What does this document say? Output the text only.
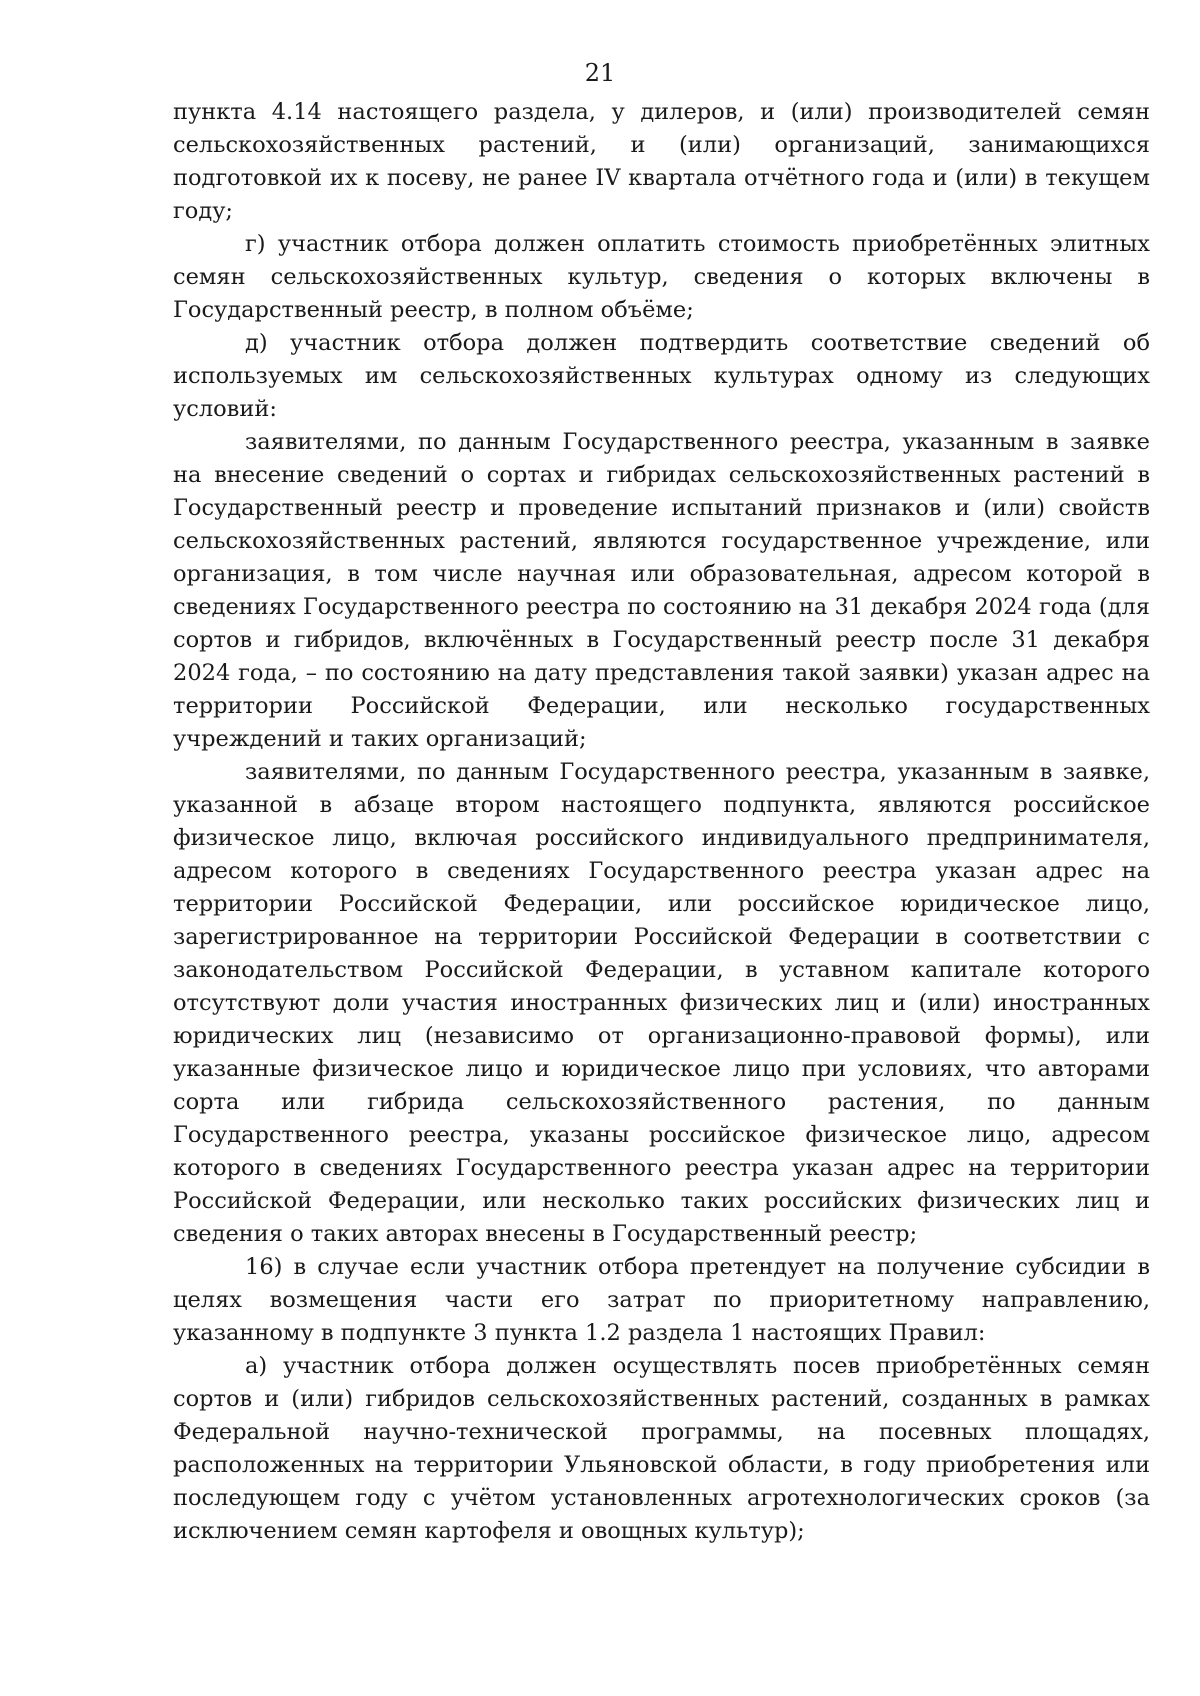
21

пункта 4.14 настоящего раздела, у дилеров, и (или) производителей семян сельскохозяйственных растений, и (или) организаций, занимающихся подготовкой их к посеву, не ранее IV квартала отчётного года и (или) в текущем году;

г) участник отбора должен оплатить стоимость приобретённых элитных семян сельскохозяйственных культур, сведения о которых включены в Государственный реестр, в полном объёме;

д) участник отбора должен подтвердить соответствие сведений об используемых им сельскохозяйственных культурах одному из следующих условий:

заявителями, по данным Государственного реестра, указанным в заявке на внесение сведений о сортах и гибридах сельскохозяйственных растений в Государственный реестр и проведение испытаний признаков и (или) свойств сельскохозяйственных растений, являются государственное учреждение, или организация, в том числе научная или образовательная, адресом которой в сведениях Государственного реестра по состоянию на 31 декабря 2024 года (для сортов и гибридов, включённых в Государственный реестр после 31 декабря 2024 года, – по состоянию на дату представления такой заявки) указан адрес на территории Российской Федерации, или несколько государственных учреждений и таких организаций;

заявителями, по данным Государственного реестра, указанным в заявке, указанной в абзаце втором настоящего подпункта, являются российское физическое лицо, включая российского индивидуального предпринимателя, адресом которого в сведениях Государственного реестра указан адрес на территории Российской Федерации, или российское юридическое лицо, зарегистрированное на территории Российской Федерации в соответствии с законодательством Российской Федерации, в уставном капитале которого отсутствуют доли участия иностранных физических лиц и (или) иностранных юридических лиц (независимо от организационно-правовой формы), или указанные физическое лицо и юридическое лицо при условиях, что авторами сорта или гибрида сельскохозяйственного растения, по данным Государственного реестра, указаны российское физическое лицо, адресом которого в сведениях Государственного реестра указан адрес на территории Российской Федерации, или несколько таких российских физических лиц и сведения о таких авторах внесены в Государственный реестр;

16) в случае если участник отбора претендует на получение субсидии в целях возмещения части его затрат по приоритетному направлению, указанному в подпункте 3 пункта 1.2 раздела 1 настоящих Правил:

а) участник отбора должен осуществлять посев приобретённых семян сортов и (или) гибридов сельскохозяйственных растений, созданных в рамках Федеральной научно-технической программы, на посевных площадях, расположенных на территории Ульяновской области, в году приобретения или последующем году с учётом установленных агротехнологических сроков (за исключением семян картофеля и овощных культур);
